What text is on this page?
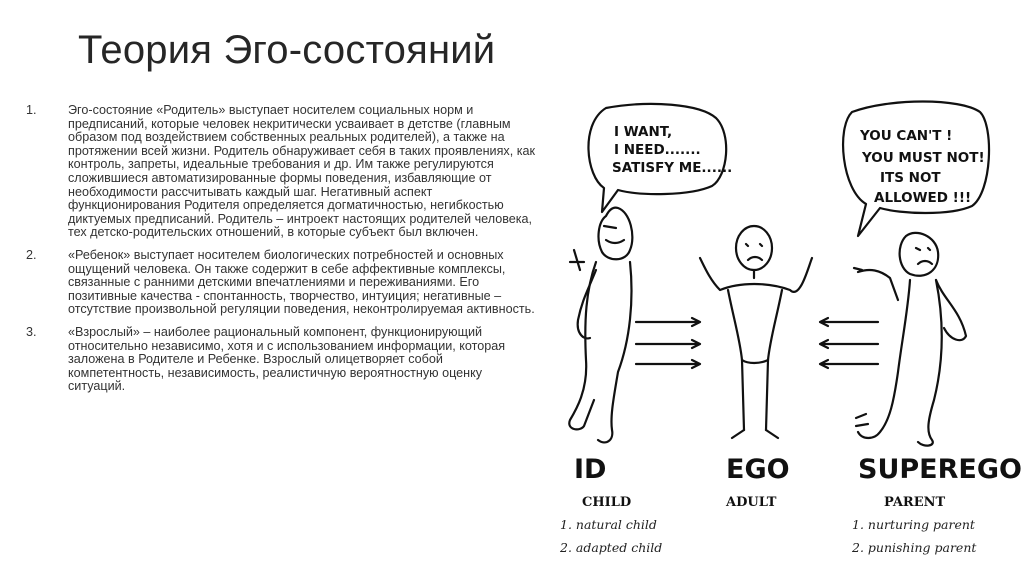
Теория Эго-состояний
1.	Эго-состояние «Родитель» выступает носителем социальных норм и предписаний, которые человек некритически усваивает в детстве (главным образом под воздействием собственных реальных родителей), а также на протяжении всей жизни. Родитель обнаруживает себя в таких проявлениях, как контроль, запреты, идеальные требования и др. Им также регулируются сложившиеся автоматизированные формы поведения, избавляющие от необходимости рассчитывать каждый шаг. Негативный аспект функционирования Родителя определяется догматичностью, негибкостью диктуемых предписаний. Родитель – интроект настоящих родителей человека, тех детско-родительских отношений, в которые субъект был включен.
2.	«Ребенок» выступает носителем биологических потребностей и основных ощущений человека. Он также содержит в себе аффективные комплексы, связанные с ранними детскими впечатлениями и переживаниями. Его позитивные качества - спонтанность, творчество, интуиция; негативные – отсутствие произвольной регуляции поведения, неконтролируемая активность.
3.	«Взрослый» – наиболее рациональный компонент, функционирующий относительно независимо, хотя и с использованием информации, которая заложена в Родителе и Ребенке. Взрослый олицетворяет собой компетентность, независимость, реалистичную вероятностную оценку ситуаций.
I WANT,
I NEED.......
SATISFY ME......
YOU CAN'T !
YOU MUST NOT!
ITS NOT
ALLOWED !!!
ID	EGO	SUPEREGO
CHILD	ADULT	PARENT
1. natural child
2. adapted child
1. nurturing parent
2. punishing parent
